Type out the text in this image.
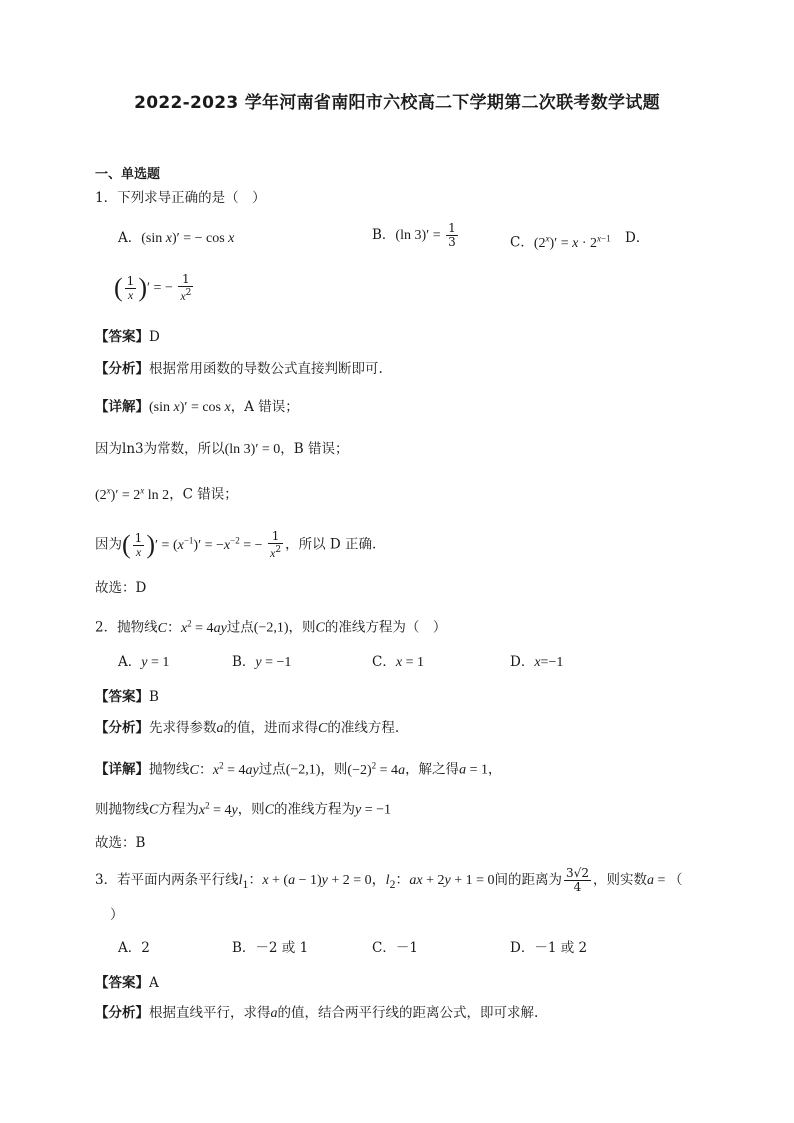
2022-2023 学年河南省南阳市六校高二下学期第二次联考数学试题
一、单选题
1．下列求导正确的是（　）
A．(sin x)′ = − cos x	B．(ln $3)' = \frac{1}{3}$	C．$(2^x)' = x \cdot 2^{x-1}$ D．
( $\frac{1}{x}$ )′ = − $\frac{1}{x^2}$
【答案】D
【分析】根据常用函数的导数公式直接判断即可.
【详解】(sin x)′ = cos x，A 错误；
因为ln3为常数，所以(ln 3)′ = 0，B 错误；
$(2^x)' = 2^x$ ln 2，C 错误；
因为( $\frac{1}{x}$ )′ = $(x^{-1})' = -x^{-2}$ = − $\frac{1}{x^2}$ ，所以 D 正确.
故选：D
2．抛物线C：$x^2 = 4ay$过点(−2,1)，则C的准线方程为（　）
A．y = 1	B．y = −1	C．x = 1	D．x=−1
【答案】B
【分析】先求得参数a的值，进而求得C的准线方程.
【详解】抛物线C：$x^2 = 4ay$过点(−2,1)，则$(-2)^2 = 4a$，解之得a = 1，
则抛物线C方程为$x^2 = 4y$，则C的准线方程为y = −1
故选：B
3．若平面内两条平行线$l_1$：x + (a − 1)y + 2 = 0，$l_2$：ax + 2y + 1 = 0间的距离为 $\frac{3√2}{4}$ ，则实数a = （
）
A．2	B．－2 或 1	C．－1	D．－1 或 2
【答案】A
【分析】根据直线平行，求得a的值，结合两平行线的距离公式，即可求解.
